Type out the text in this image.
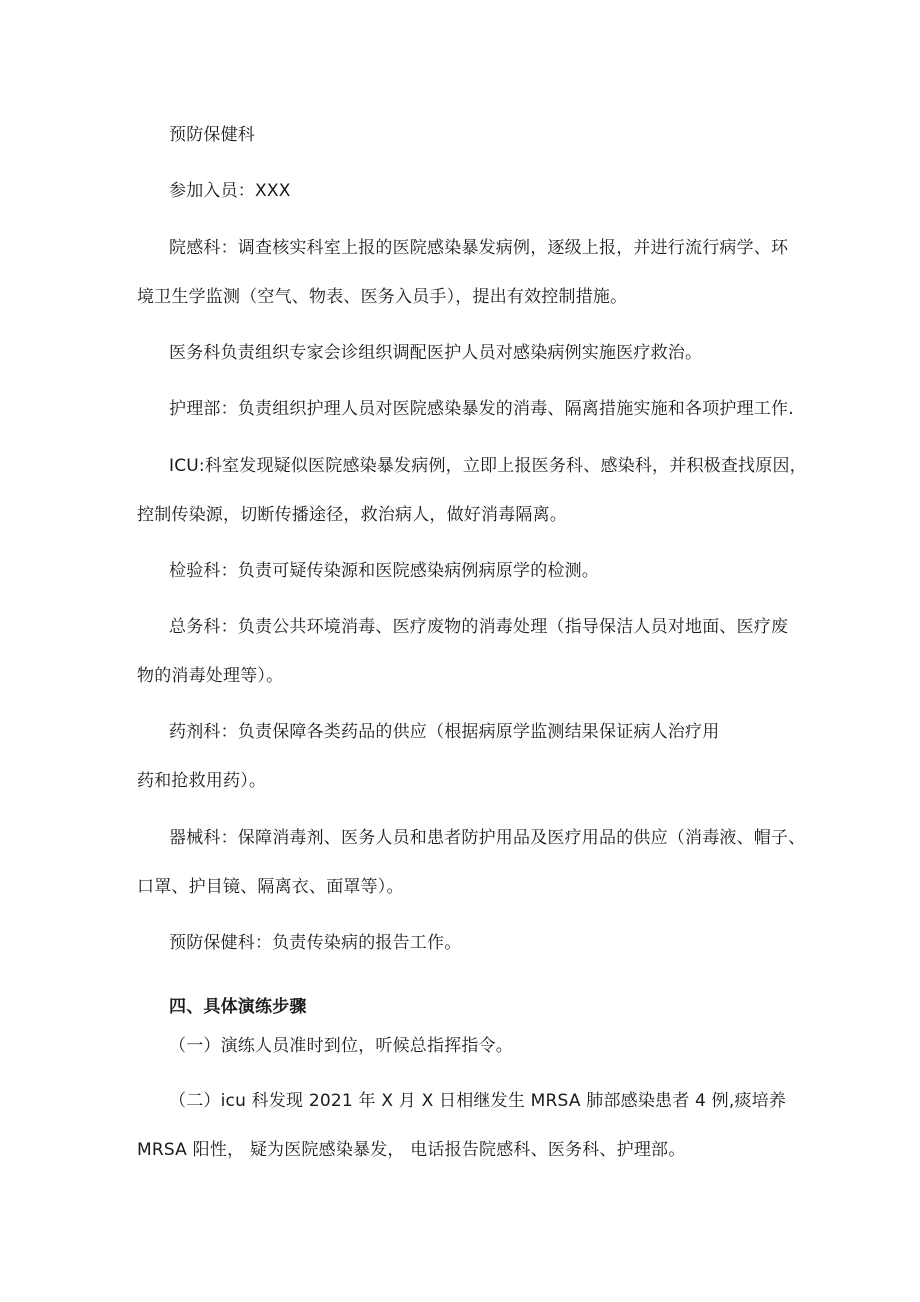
预防保健科
参加入员：XXX
院感科：调查核实科室上报的医院感染暴发病例，逐级上报，并进行流行病学、环
境卫生学监测（空气、物表、医务入员手），提出有效控制措施。
医务科负责组织专家会诊组织调配医护人员对感染病例实施医疗救治。
护理部：负责组织护理人员对医院感染暴发的消毒、隔离措施实施和各项护理工作.
ICU:科室发现疑似医院感染暴发病例，立即上报医务科、感染科，并积极查找原因，
控制传染源，切断传播途径，救治病人，做好消毒隔离。
检验科：负责可疑传染源和医院感染病例病原学的检测。
总务科：负责公共环境消毒、医疗废物的消毒处理（指导保洁人员对地面、医疗废
物的消毒处理等）。
药剂科：负责保障各类药品的供应（根据病原学监测结果保证病人治疗用
药和抢救用药）。
器械科：保障消毒剂、医务人员和患者防护用品及医疗用品的供应（消毒液、帽子、
口罩、护目镜、隔离衣、面罩等）。
预防保健科：负责传染病的报告工作。
四、具体演练步骤
（一）演练人员准时到位，听候总指挥指令。
（二）icu 科发现 2021 年 X 月 X 日相继发生 MRSA 肺部感染患者 4 例,痰培养
MRSA 阳性， 疑为医院感染暴发， 电话报告院感科、医务科、护理部。
